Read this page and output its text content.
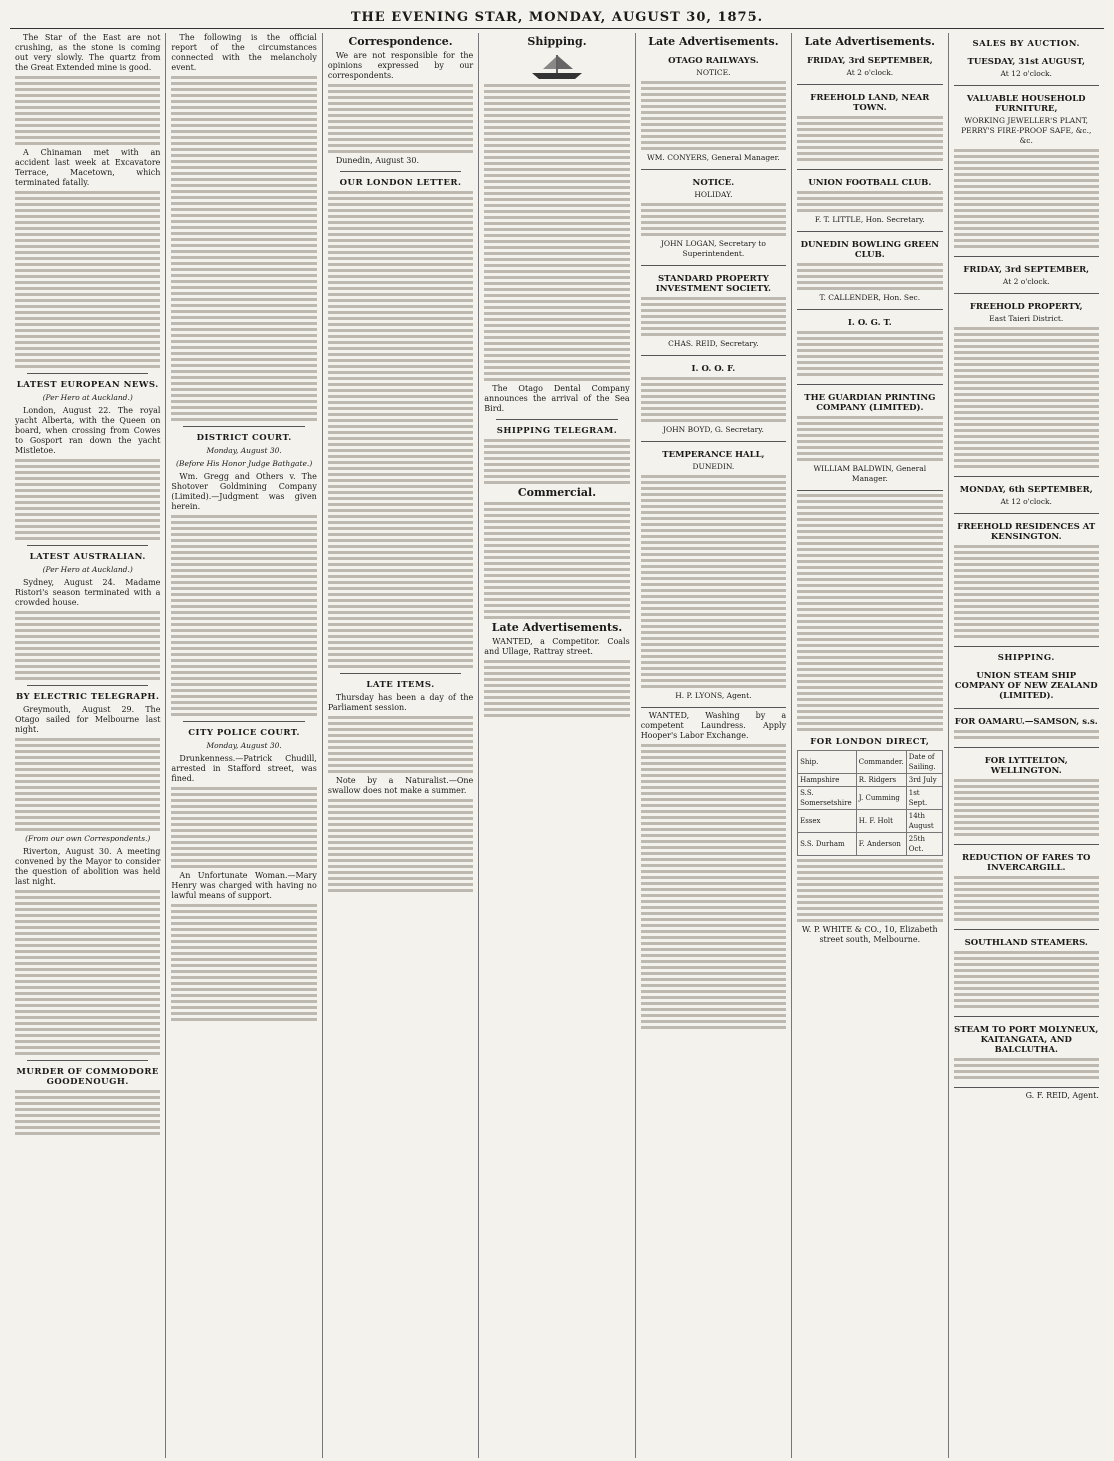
THE EVENING STAR, MONDAY, AUGUST 30, 1875.

The Star of the East are not crushing, as the stone is coming out very slowly. The quartz from the Great Extended mine is good.

A Chinaman met with an accident last week at Excavatore Terrace, Macetown, which terminated fatally.

LATEST EUROPEAN NEWS.
(Per Hero at Auckland.)

London, August 22. The royal yacht Alberta, with the Queen on board, when crossing from Cowes to Gosport ran down the yacht Mistletoe.

LATEST AUSTRALIAN.
(Per Hero at Auckland.)

Sydney, August 24. Madame Ristori's season terminated with a crowded house.

BY ELECTRIC TELEGRAPH.

Greymouth, August 29. The Otago sailed for Melbourne last night.

(From our own Correspondents.)

Riverton, August 30. A meeting convened by the Mayor to consider the question of abolition was held last night.

MURDER OF COMMODORE GOODENOUGH.

The following is the official report of the circumstances connected with the melancholy event.

DISTRICT COURT.
Monday, August 30.
(Before His Honor Judge Bathgate.)

Wm. Gregg and Others v. The Shotover Goldmining Company (Limited).—Judgment was given herein.

CITY POLICE COURT.
Monday, August 30.

Drunkenness.—Patrick Chudill, arrested in Stafford street, was fined.

An Unfortunate Woman.—Mary Henry was charged with having no lawful means of support.

Correspondence.

We are not responsible for the opinions expressed by our correspondents.

Dunedin, August 30.

OUR LONDON LETTER.
LATE ITEMS.

Thursday has been a day of the Parliament session.

Note by a Naturalist.—One swallow does not make a summer.

Shipping.

The Otago Dental Company announces the arrival of the Sea Bird.

SHIPPING TELEGRAM.
Commercial.
Late Advertisements.

WANTED, a Competitor. Coals and Ullage, Rattray street.

Late Advertisements.
OTAGO RAILWAYS.
NOTICE.
WM. CONYERS, General Manager.
NOTICE.
HOLIDAY.
JOHN LOGAN, Secretary to Superintendent.
STANDARD PROPERTY INVESTMENT SOCIETY.
CHAS. REID, Secretary.
I. O. O. F.
JOHN BOYD, G. Secretary.
TEMPERANCE HALL,
DUNEDIN.
H. P. LYONS, Agent.

WANTED, Washing by a competent Laundress. Apply Hooper's Labor Exchange.

Late Advertisements.
FRIDAY, 3rd SEPTEMBER,
At 2 o'clock.
FREEHOLD LAND, NEAR TOWN.
UNION FOOTBALL CLUB.
F. T. LITTLE, Hon. Secretary.
DUNEDIN BOWLING GREEN CLUB.
T. CALLENDER, Hon. Sec.
I. O. G. T.
THE GUARDIAN PRINTING COMPANY (LIMITED).
WILLIAM BALDWIN, General Manager.
FOR LONDON DIRECT,
Ship.	Commander.	Date of Sailing.
Hampshire	R. Ridgers	3rd July
S.S. Somersetshire	J. Cumming	1st Sept.
Essex	H. F. Holt	14th August
S.S. Durham	F. Anderson	25th Oct.
W. P. WHITE & CO., 10, Elizabeth street south, Melbourne.
SALES BY AUCTION.
TUESDAY, 31st AUGUST,
At 12 o'clock.
VALUABLE HOUSEHOLD FURNITURE,
WORKING JEWELLER'S PLANT, PERRY'S FIRE-PROOF SAFE, &c., &c.
FRIDAY, 3rd SEPTEMBER,
At 2 o'clock.
FREEHOLD PROPERTY,
East Taieri District.
MONDAY, 6th SEPTEMBER,
At 12 o'clock.
FREEHOLD RESIDENCES AT KENSINGTON.
SHIPPING.
UNION STEAM SHIP COMPANY OF NEW ZEALAND (LIMITED).
FOR OAMARU.—SAMSON, s.s.
FOR LYTTELTON, WELLINGTON.
REDUCTION OF FARES TO INVERCARGILL.
SOUTHLAND STEAMERS.
STEAM TO PORT MOLYNEUX, KAITANGATA, AND BALCLUTHA.
G. F. REID, Agent.
